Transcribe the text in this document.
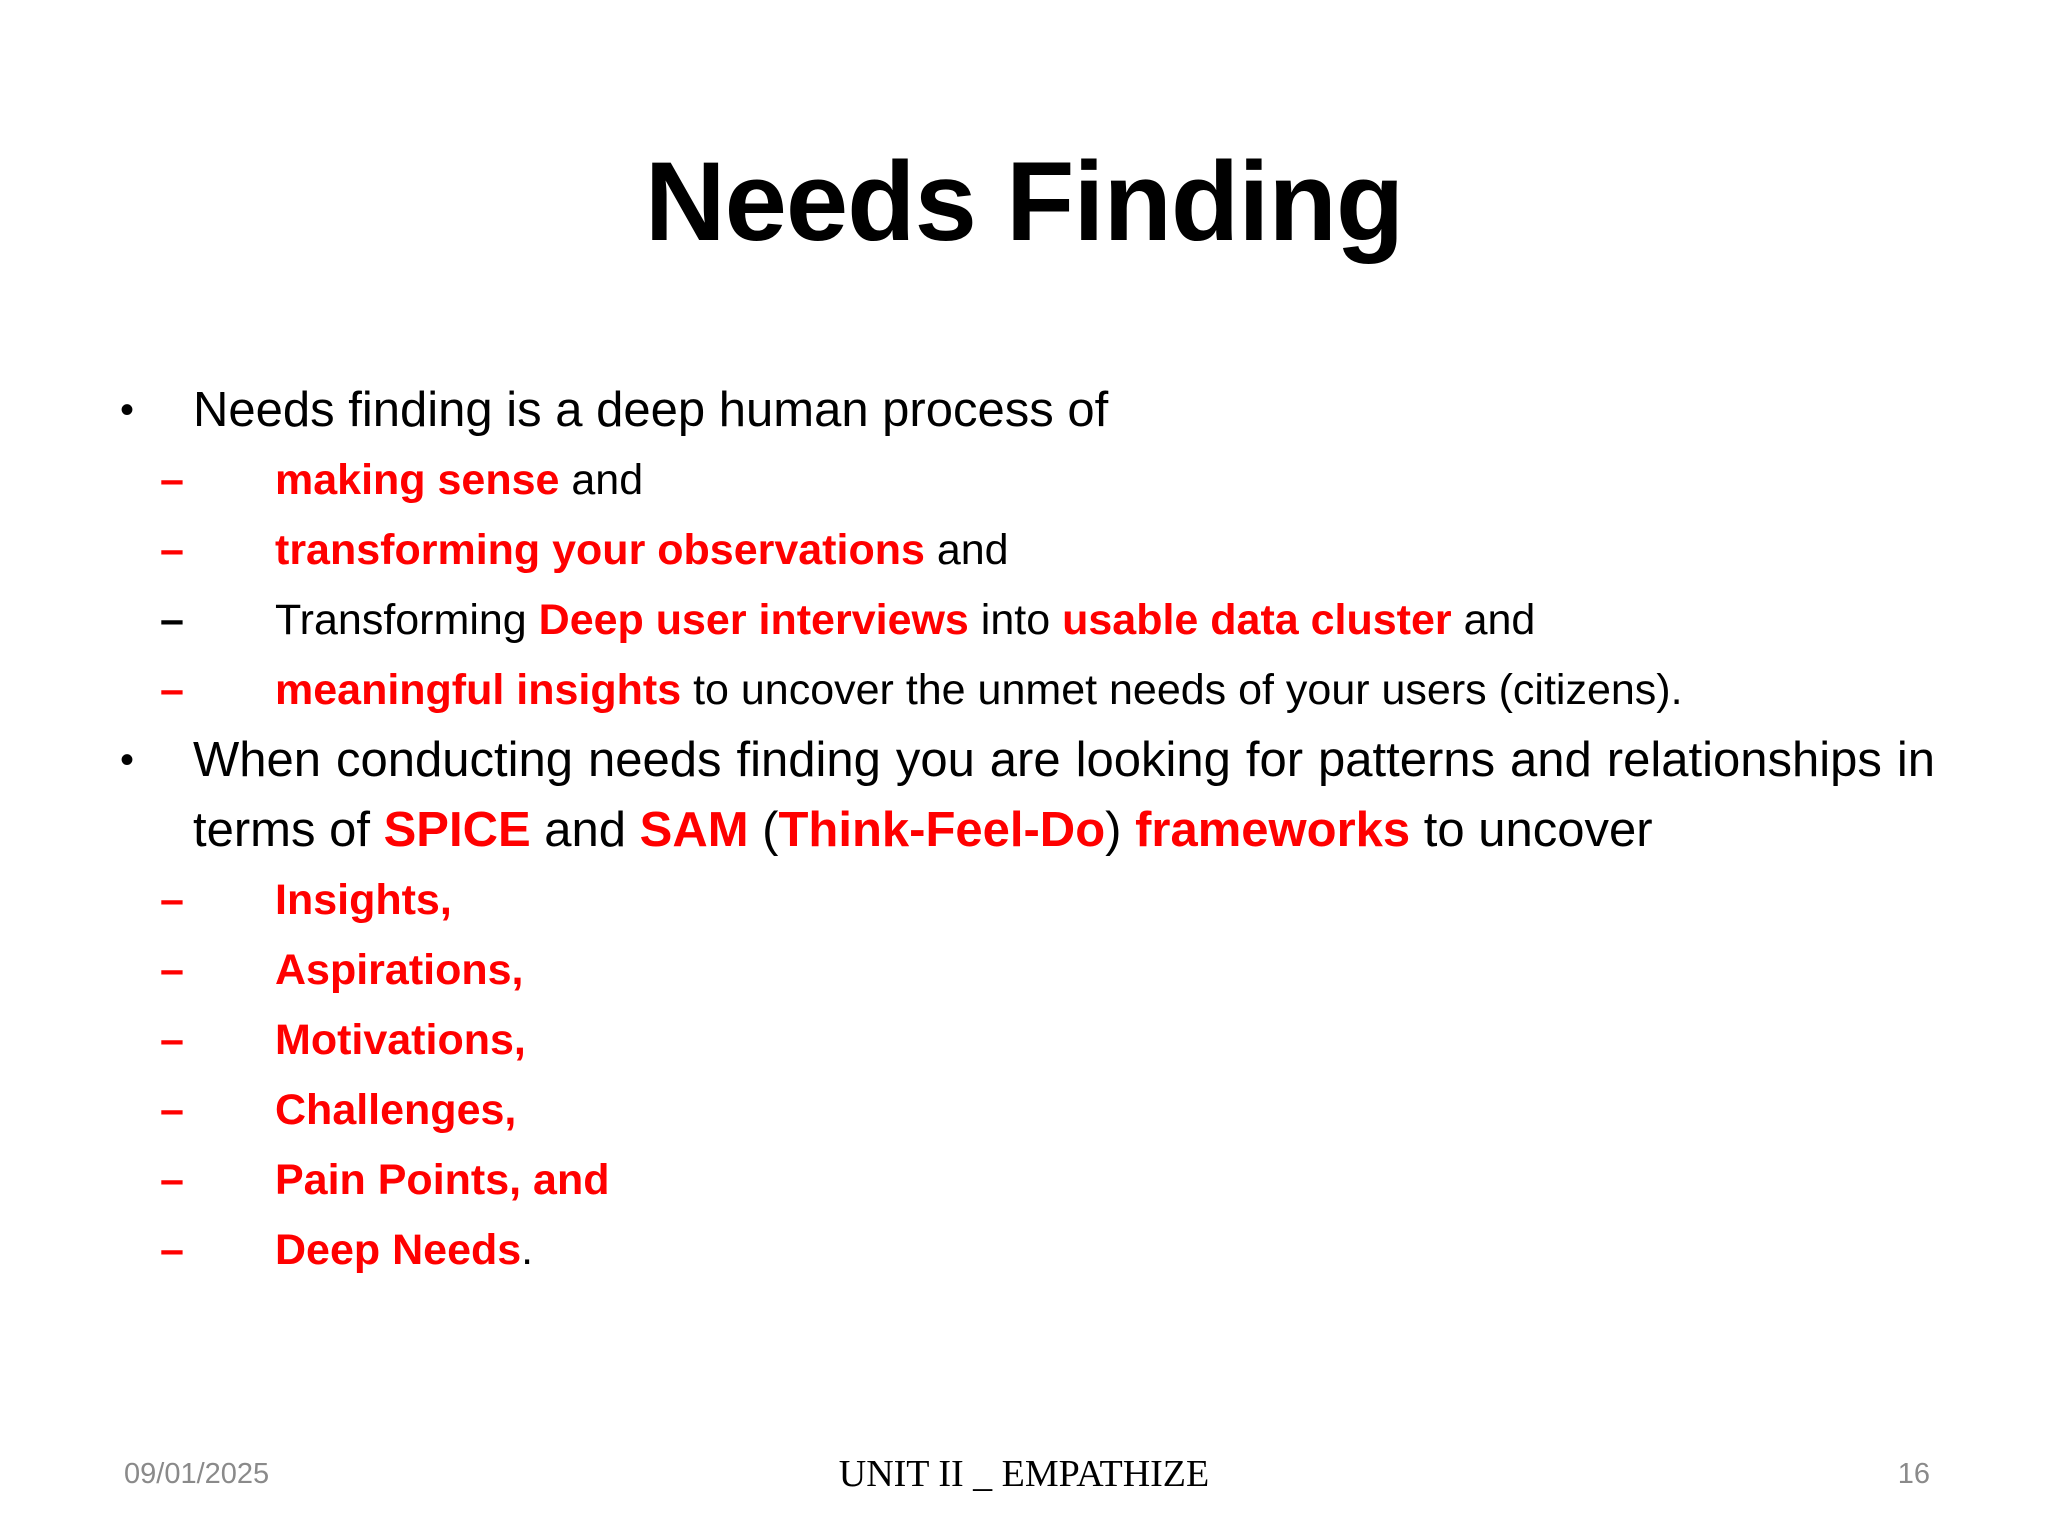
Needs Finding
• Needs finding is a deep human process of
– making sense and
– transforming your observations and
– Transforming Deep user interviews into usable data cluster and
– meaningful insights to uncover the unmet needs of your users (citizens).
• When conducting needs finding you are looking for patterns and relationships in terms of SPICE and SAM (Think-Feel-Do) frameworks to uncover
– Insights,
– Aspirations,
– Motivations,
– Challenges,
– Pain Points, and
– Deep Needs.
09/01/2025	UNIT II _ EMPATHIZE	16
